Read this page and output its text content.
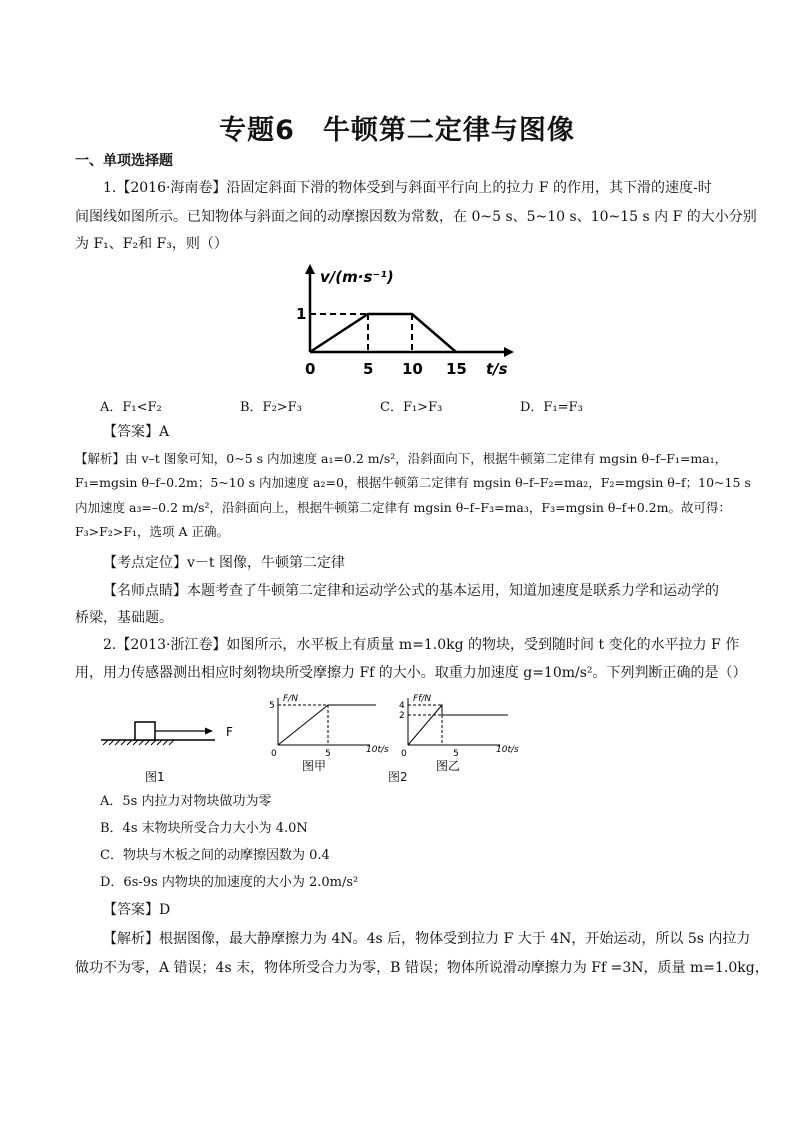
专题6　牛顿第二定律与图像
一、单项选择题
1.【2016·海南卷】沿固定斜面下滑的物体受到与斜面平行向上的拉力 F 的作用，其下滑的速度-时
间图线如图所示。已知物体与斜面之间的动摩擦因数为常数，在 0~5 s、5~10 s、10~15 s 内 F 的大小分别
为 F₁、F₂和 F₃，则（）
v/(m·s⁻¹)
1
0	5 10 15 t/s
A．F₁<F₂	B．F₂>F₃	C．F₁>F₃	D．F₁=F₃
【答案】A
【解析】由 v–t 图象可知，0~5 s 内加速度 a₁=0.2 m/s²，沿斜面向下，根据牛顿第二定律有 mgsin θ–f–F₁=ma₁，
F₁=mgsin θ–f–0.2m；5~10 s 内加速度 a₂=0，根据牛顿第二定律有 mgsin θ–f–F₂=ma₂，F₂=mgsin θ–f；10~15 s
内加速度 a₃=–0.2 m/s²，沿斜面向上，根据牛顿第二定律有 mgsin θ–f–F₃=ma₃，F₃=mgsin θ–f+0.2m。故可得：
F₃>F₂>F₁，选项 A 正确。
【考点定位】v－t 图像，牛顿第二定律
【名师点睛】本题考查了牛顿第二定律和运动学公式的基本运用，知道加速度是联系力学和运动学的
桥梁，基础题。
2.【2013·浙江卷】如图所示，水平板上有质量 m=1.0kg 的物块，受到随时间 t 变化的水平拉力 F 作
用，用力传感器测出相应时刻物块所受摩擦力 Ff 的大小。取重力加速度 g=10m/s²。下列判断正确的是（）
F
图1
F/N
5
0	5	10t/s
图甲
图2
Ff/N
4
2
0	5	10t/s
图乙
A．5s 内拉力对物块做功为零
B．4s 末物块所受合力大小为 4.0N
C．物块与木板之间的动摩擦因数为 0.4
D．6s-9s 内物块的加速度的大小为 2.0m/s²
【答案】D
【解析】根据图像，最大静摩擦力为 4N。4s 后，物体受到拉力 F 大于 4N，开始运动，所以 5s 内拉力
做功不为零，A 错误；4s 末，物体所受合力为零，B 错误；物体所说滑动摩擦力为 Ff =3N，质量 m=1.0kg，
